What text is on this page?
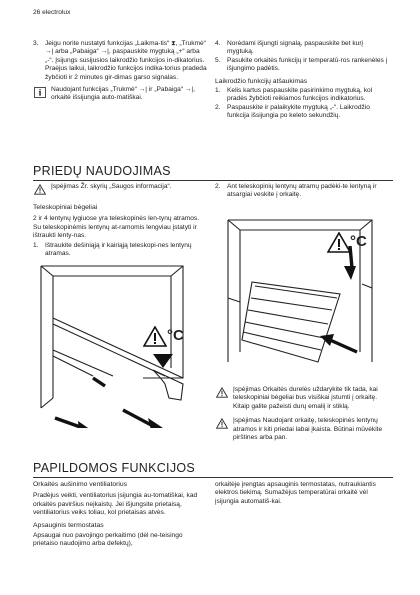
26 electrolux
3. Jeigu norite nustatyti funkcijas „Laikma-tis“ ⧗, „Trukmė“ →| arba „Pabaiga“ →|, paspauskite mygtuką „+“ arba „-“. Įsijungs susijusios laikrodžio funkcijos in-dikatorius.
Praėjus laikui, laikrodžio funkcijos indika-torius pradeda žybčioti ir 2 minutes gir-dimas garso signalas.
i Naudojant funkcijas „Trukmė“ →| ir „Pabaiga“ →|, orkaitė išsijungia auto-matiškai.
4. Norėdami išjungti signalą, paspauskite bet kurį mygtuką.
5. Pasukite orkaitės funkcijų ir temperatū-ros rankenėles į išjungimo padėtis.
Laikrodžio funkcijų atšaukimas
1. Kelis kartus paspauskite pasirinkimo mygtuką, kol pradės žybčioti reikiamos funkcijos indikatorius.
2. Paspauskite ir palaikykite mygtuką „-“. Laikrodžio funkcija išsijungia po keleto sekundžių.
PRIEDŲ NAUDOJIMAS
Įspėjimas Žr. skyrių „Saugos informacija“.
Teleskopiniai bėgeliai
2 ir 4 lentynų lygiuose yra teleskopinės len-tynų atramos. Su teleskopinėmis lentynų at-ramomis lengviau įstatyti ir ištraukti lenty-nas.
1. Ištraukite dešiniąją ir kairiąją teleskopi-nes lentynų atramas.
2. Ant teleskopinių lentynų atramų padėki-te lentyną ir atsargiai veskite į orkaitę.
°C
°C
Įspėjimas Orkaitės durelės uždarykite tik tada, kai teleskopiniai bėgeliai bus visiškai įstumti į orkaitę. Kitaip galite pažeisti durų emaliį ir stiklą.
Įspėjimas Naudojant orkaitę, teleskopinės lentynų atramos ir kiti priedai labai įkaista. Būtinai mūvėkite pirštines arba pan.
PAPILDOMOS FUNKCIJOS
Orkaitės aušinimo ventiliatorius
Pradėjus veikti, ventiliatorius įsijungia au-tomatiškai, kad orkaitės paviršius neįkaistų. Jei išjungsite prietaisą, ventiliatorius veiks toliau, kol prietaisas atvės.
Apsauginis termostatas
Apsaugai nuo pavojingo perkaitimo (dėl ne-teisingo prietaiso naudojimo arba defektų),
orkaitėje įrengtas apsauginis termostatas, nutraukiantis elektros tiekimą. Sumažėjus temperatūrai orkaitė vėl įsijungia automatiš-kai.
